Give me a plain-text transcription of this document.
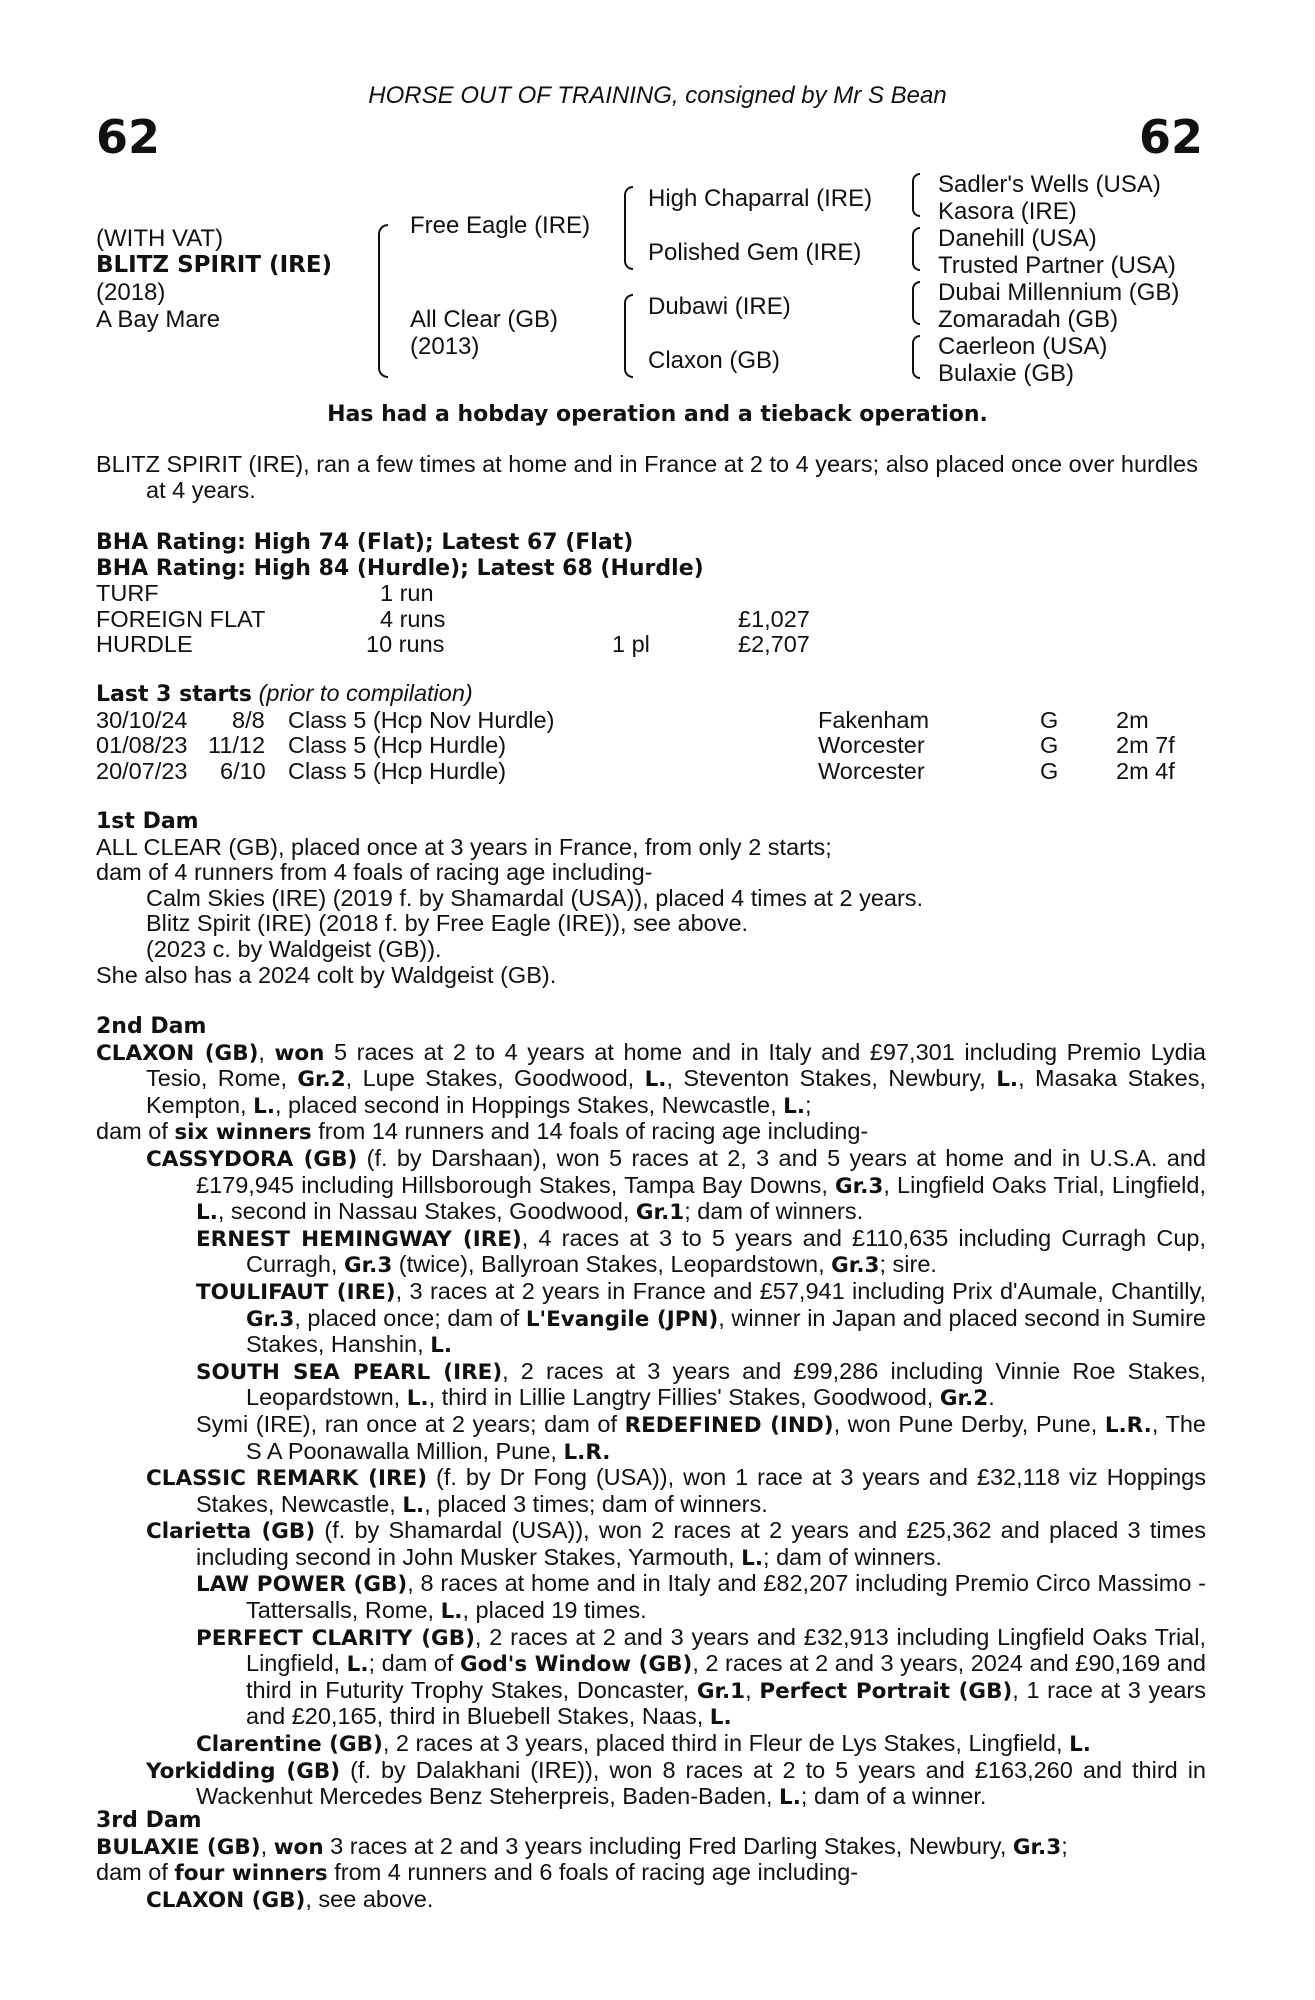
HORSE OUT OF TRAINING, consigned by Mr S Bean
62	62
(WITH VAT)
BLITZ SPIRIT (IRE)
(2018)
A Bay Mare
Free Eagle (IRE)
All Clear (GB)
(2013)
High Chaparral (IRE)
Polished Gem (IRE)
Dubawi (IRE)
Claxon (GB)
Sadler's Wells (USA)
Kasora (IRE)
Danehill (USA)
Trusted Partner (USA)
Dubai Millennium (GB)
Zomaradah (GB)
Caerleon (USA)
Bulaxie (GB)
Has had a hobday operation and a tieback operation.

BLITZ SPIRIT (IRE), ran a few times at home and in France at 2 to 4 years; also placed once over hurdles at 4 years.

BHA Rating: High 74 (Flat); Latest 67 (Flat)

BHA Rating: High 84 (Hurdle); Latest 68 (Hurdle)

TURF	1 run
FOREIGN FLAT	4 runs	£1,027
HURDLE	10 runs	1 pl	£2,707

Last 3 starts (prior to compilation)

30/10/24 8/8 Class 5 (Hcp Nov Hurdle)	Fakenham	G 2m
01/08/23 11/12 Class 5 (Hcp Hurdle)	Worcester	G 2m 7f
20/07/23 6/10 Class 5 (Hcp Hurdle)	Worcester	G 2m 4f

1st Dam

ALL CLEAR (GB), placed once at 3 years in France, from only 2 starts;

dam of 4 runners from 4 foals of racing age including-

Calm Skies (IRE) (2019 f. by Shamardal (USA)), placed 4 times at 2 years.

Blitz Spirit (IRE) (2018 f. by Free Eagle (IRE)), see above.

(2023 c. by Waldgeist (GB)).

She also has a 2024 colt by Waldgeist (GB).

2nd Dam

CLAXON (GB), won 5 races at 2 to 4 years at home and in Italy and £97,301 including Premio Lydia Tesio, Rome, Gr.2, Lupe Stakes, Goodwood, L., Steventon Stakes, Newbury, L., Masaka Stakes, Kempton, L., placed second in Hoppings Stakes, Newcastle, L.;

dam of six winners from 14 runners and 14 foals of racing age including-

CASSYDORA (GB) (f. by Darshaan), won 5 races at 2, 3 and 5 years at home and in U.S.A. and £179,945 including Hillsborough Stakes, Tampa Bay Downs, Gr.3, Lingfield Oaks Trial, Lingfield, L., second in Nassau Stakes, Goodwood, Gr.1; dam of winners.

ERNEST HEMINGWAY (IRE), 4 races at 3 to 5 years and £110,635 including Curragh Cup, Curragh, Gr.3 (twice), Ballyroan Stakes, Leopardstown, Gr.3; sire.

TOULIFAUT (IRE), 3 races at 2 years in France and £57,941 including Prix d'Aumale, Chantilly, Gr.3, placed once; dam of L'Evangile (JPN), winner in Japan and placed second in Sumire Stakes, Hanshin, L.

SOUTH SEA PEARL (IRE), 2 races at 3 years and £99,286 including Vinnie Roe Stakes, Leopardstown, L., third in Lillie Langtry Fillies' Stakes, Goodwood, Gr.2.

Symi (IRE), ran once at 2 years; dam of REDEFINED (IND), won Pune Derby, Pune, L.R., The S A Poonawalla Million, Pune, L.R.

CLASSIC REMARK (IRE) (f. by Dr Fong (USA)), won 1 race at 3 years and £32,118 viz Hoppings Stakes, Newcastle, L., placed 3 times; dam of winners.

Clarietta (GB) (f. by Shamardal (USA)), won 2 races at 2 years and £25,362 and placed 3 times including second in John Musker Stakes, Yarmouth, L.; dam of winners.

LAW POWER (GB), 8 races at home and in Italy and £82,207 including Premio Circo Massimo - Tattersalls, Rome, L., placed 19 times.

PERFECT CLARITY (GB), 2 races at 2 and 3 years and £32,913 including Lingfield Oaks Trial, Lingfield, L.; dam of God's Window (GB), 2 races at 2 and 3 years, 2024 and £90,169 and third in Futurity Trophy Stakes, Doncaster, Gr.1, Perfect Portrait (GB), 1 race at 3 years and £20,165, third in Bluebell Stakes, Naas, L.

Clarentine (GB), 2 races at 3 years, placed third in Fleur de Lys Stakes, Lingfield, L.

Yorkidding (GB) (f. by Dalakhani (IRE)), won 8 races at 2 to 5 years and £163,260 and third in Wackenhut Mercedes Benz Steherpreis, Baden-Baden, L.; dam of a winner.

3rd Dam

BULAXIE (GB), won 3 races at 2 and 3 years including Fred Darling Stakes, Newbury, Gr.3;

dam of four winners from 4 runners and 6 foals of racing age including-

CLAXON (GB), see above.
